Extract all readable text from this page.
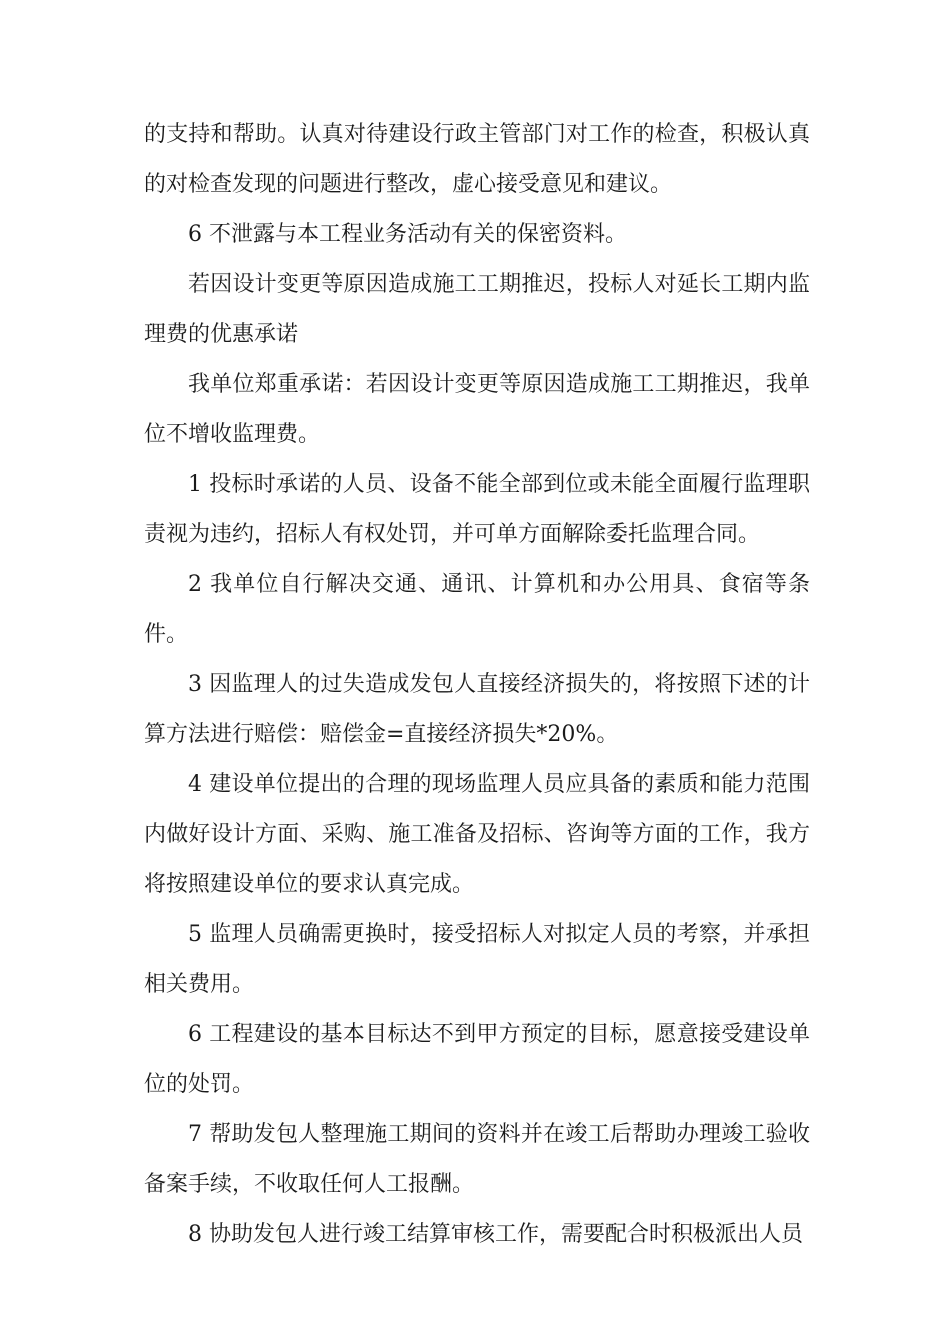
的支持和帮助。认真对待建设行政主管部门对工作的检查，积极认真的对检查发现的问题进行整改，虚心接受意见和建议。

6 不泄露与本工程业务活动有关的保密资料。

若因设计变更等原因造成施工工期推迟，投标人对延长工期内监理费的优惠承诺

我单位郑重承诺：若因设计变更等原因造成施工工期推迟，我单位不增收监理费。

1 投标时承诺的人员、设备不能全部到位或未能全面履行监理职责视为违约，招标人有权处罚，并可单方面解除委托监理合同。

2 我单位自行解决交通、通讯、计算机和办公用具、食宿等条件。

3 因监理人的过失造成发包人直接经济损失的，将按照下述的计算方法进行赔偿：赔偿金=直接经济损失*20%。

4 建设单位提出的合理的现场监理人员应具备的素质和能力范围内做好设计方面、采购、施工准备及招标、咨询等方面的工作，我方将按照建设单位的要求认真完成。

5 监理人员确需更换时，接受招标人对拟定人员的考察，并承担相关费用。

6 工程建设的基本目标达不到甲方预定的目标，愿意接受建设单位的处罚。

7 帮助发包人整理施工期间的资料并在竣工后帮助办理竣工验收备案手续，不收取任何人工报酬。

8 协助发包人进行竣工结算审核工作，需要配合时积极派出人员
